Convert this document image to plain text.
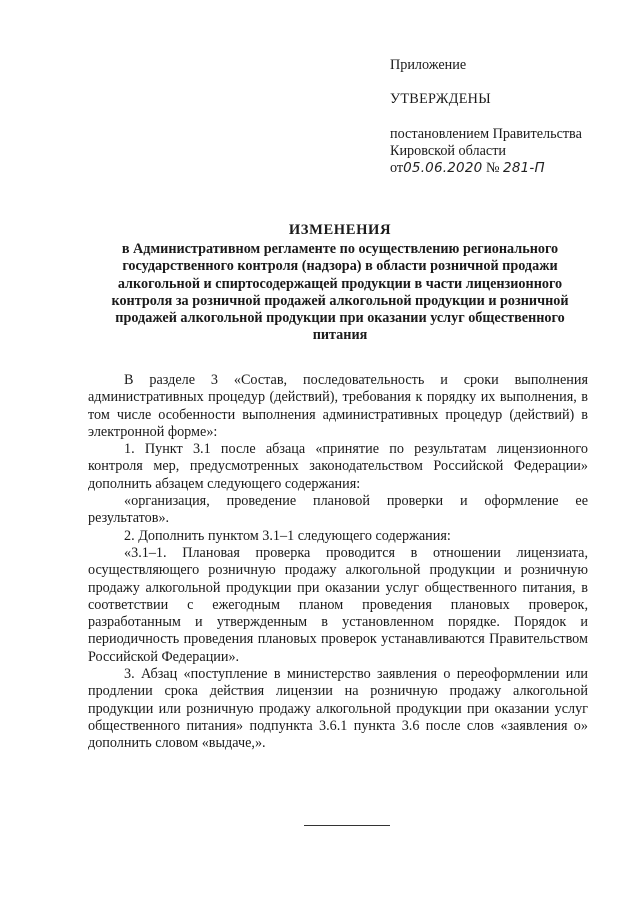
Приложение
УТВЕРЖДЕНЫ
постановлением Правительства
Кировской области
от05.06.2020 № 281-П
ИЗМЕНЕНИЯ
в Административном регламенте по осуществлению регионального
государственного контроля (надзора) в области розничной продажи
алкогольной и спиртосодержащей продукции в части лицензионного
контроля за розничной продажей алкогольной продукции и розничной
продажей алкогольной продукции при оказании услуг общественного
питания

В разделе 3 «Состав, последовательность и сроки выполнения административных процедур (действий), требования к порядку их выполнения, в том числе особенности выполнения административных процедур (действий) в электронной форме»:

1. Пункт 3.1 после абзаца «принятие по результатам лицензионного контроля мер, предусмотренных законодательством Российской Федерации» дополнить абзацем следующего содержания:

«организация, проведение плановой проверки и оформление ее результатов».

2. Дополнить пунктом 3.1–1 следующего содержания:

«3.1–1. Плановая проверка проводится в отношении лицензиата, осуществляющего розничную продажу алкогольной продукции и розничную продажу алкогольной продукции при оказании услуг общественного питания, в соответствии с ежегодным планом проведения плановых проверок, разработанным и утвержденным в установленном порядке. Порядок и периодичность проведения плановых проверок устанавливаются Правительством Российской Федерации».

3. Абзац «поступление в министерство заявления о переоформлении или продлении срока действия лицензии на розничную продажу алкогольной продукции или розничную продажу алкогольной продукции при оказании услуг общественного питания» подпункта 3.6.1 пункта 3.6 после слов «заявления о» дополнить словом «выдаче,».
